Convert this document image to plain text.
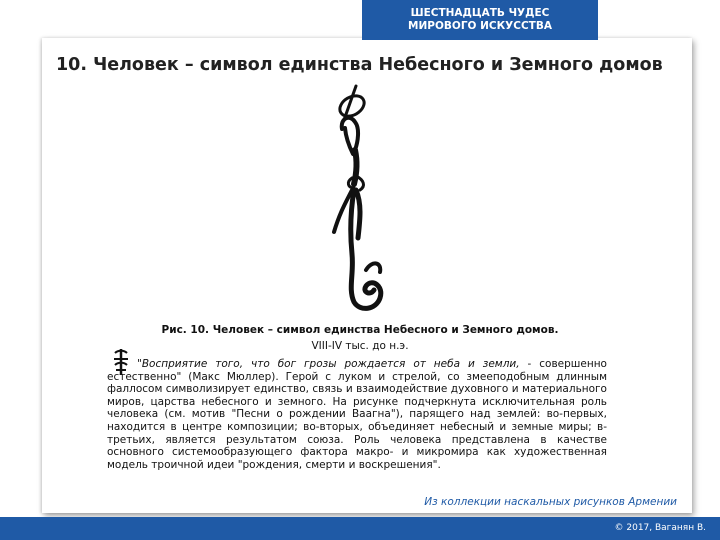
ШЕСТНАДЦАТЬ ЧУДЕС
МИРОВОГО ИСКУССТВА
10. Человек – символ единства Небесного и Земного домов
Рис. 10. Человек – символ единства Небесного и Земного домов.
VIII-IV тыс. до н.э.
"Восприятие того, что бог грозы рождается от неба и земли, - совершенно естественно" (Макс Мюллер). Герой с луком и стрелой, со змееподобным длинным фаллосом символизирует единство, связь и взаимодействие духовного и материального миров, царства небесного и земного. На рисунке подчеркнута исключительная роль человека (см. мотив "Песни о рождении Ваагна"), парящего над землей: во-первых, находится в центре композиции; во-вторых, объединяет небесный и земные миры; в-третьих, является результатом союза. Роль человека представлена в качестве основного системообразующего фактора макро- и микромира как художественная модель троичной идеи "рождения, смерти и воскрешения".
Из коллекции наскальных рисунков Армении
© 2017, Ваганян В.
